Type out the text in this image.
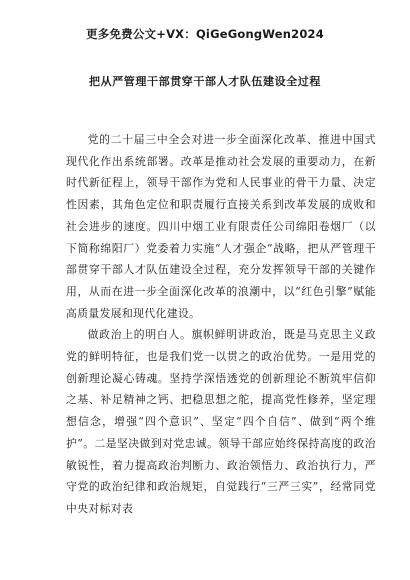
更多免费公文+VX：QiGeGongWen2024
把从严管理干部贯穿干部人才队伍建设全过程

党的二十届三中全会对进一步全面深化改革、推进中国式现代化作出系统部署。改革是推动社会发展的重要动力，在新时代新征程上，领导干部作为党和人民事业的骨干力量、决定性因素，其角色定位和职责履行直接关系到改革发展的成败和社会进步的速度。四川中烟工业有限责任公司绵阳卷烟厂（以下简称绵阳厂）党委着力实施“人才强企”战略，把从严管理干部贯穿干部人才队伍建设全过程，充分发挥领导干部的关键作用，从而在进一步全面深化改革的浪潮中，以“红色引擎”赋能高质量发展和现代化建设。

做政治上的明白人。旗帜鲜明讲政治，既是马克思主义政党的鲜明特征，也是我们党一以贯之的政治优势。一是用党的创新理论凝心铸魂。坚持学深悟透党的创新理论不断筑牢信仰之基、补足精神之钙、把稳思想之舵，提高党性修养，坚定理想信念，增强“四个意识”、坚定“四个自信”、做到“两个维护”。二是坚决做到对党忠诚。领导干部应始终保持高度的政治敏锐性，着力提高政治判断力、政治领悟力、政治执行力，严守党的政治纪律和政治规矩，自觉践行“三严三实”，经常同党中央对标对表
